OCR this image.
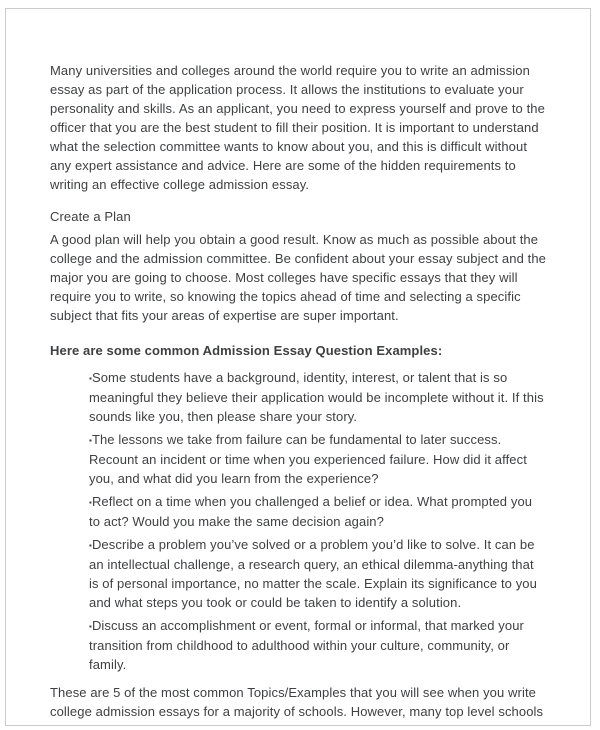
Many universities and colleges around the world require you to write an admission essay as part of the application process. It allows the institutions to evaluate your personality and skills. As an applicant, you need to express yourself and prove to the officer that you are the best student to fill their position. It is important to understand what the selection committee wants to know about you, and this is difficult without any expert assistance and advice. Here are some of the hidden requirements to writing an effective college admission essay.

Create a Plan

A good plan will help you obtain a good result. Know as much as possible about the college and the admission committee. Be confident about your essay subject and the major you are going to choose. Most colleges have specific essays that they will require you to write, so knowing the topics ahead of time and selecting a specific subject that fits your areas of expertise are super important.

Here are some common Admission Essay Question Examples:

▪Some students have a background, identity, interest, or talent that is so meaningful they believe their application would be incomplete without it. If this sounds like you, then please share your story.
▪The lessons we take from failure can be fundamental to later success. Recount an incident or time when you experienced failure. How did it affect you, and what did you learn from the experience?
▪Reflect on a time when you challenged a belief or idea. What prompted you to act? Would you make the same decision again?
▪Describe a problem you’ve solved or a problem you’d like to solve. It can be an intellectual challenge, a research query, an ethical dilemma-anything that is of personal importance, no matter the scale. Explain its significance to you and what steps you took or could be taken to identify a solution.
▪Discuss an accomplishment or event, formal or informal, that marked your transition from childhood to adulthood within your culture, community, or family.

These are 5 of the most common Topics/Examples that you will see when you write college admission essays for a majority of schools. However, many top level schools
